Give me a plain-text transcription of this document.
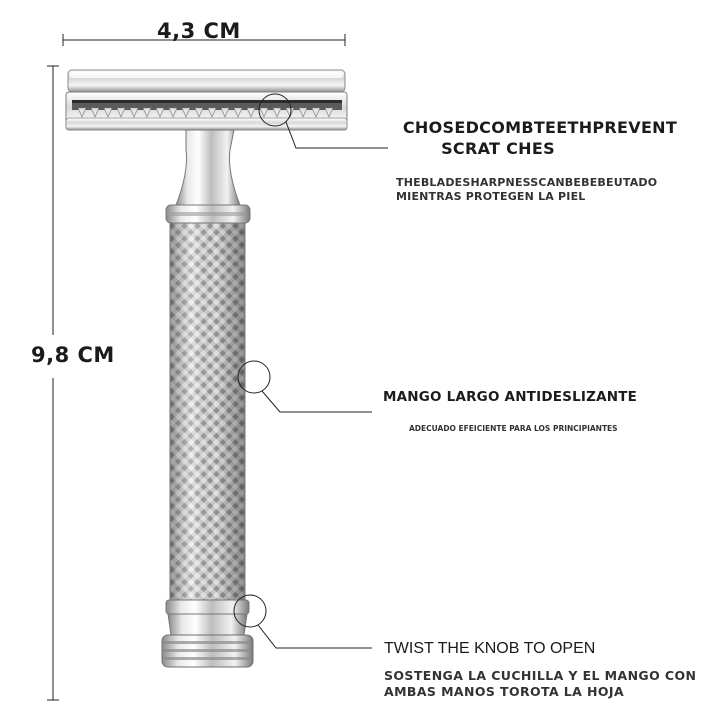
4,3 CM
9,8 CM
CHOSEDCOMBTEETHPREVENT
SCRAT CHES
THEBLADESHARPNESSCANBEBEBEUTADO
MIENTRAS PROTEGEN LA PIEL
MANGO LARGO ANTIDESLIZANTE
ADECUADO EFEICIENTE PARA LOS PRINCIPIANTES
TWIST THE KNOB TO OPEN
SOSTENGA LA CUCHILLA Y EL MANGO CON
AMBAS MANOS TOROTA LA HOJA
